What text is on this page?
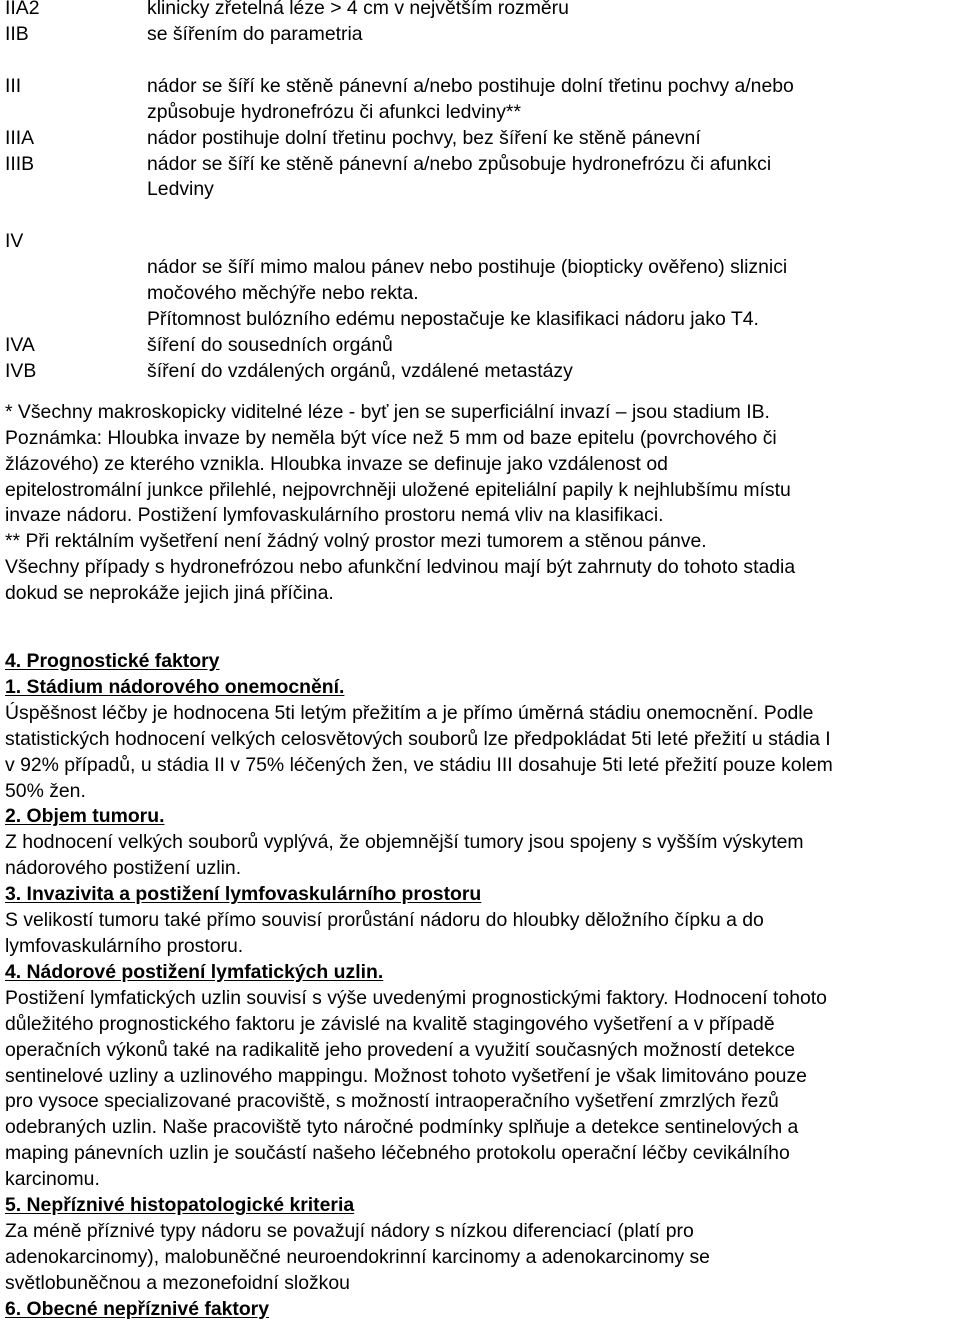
IIA2	klinicky zřetelná léze > 4 cm v největším rozměru
IIB	se šířením do parametria
III	nádor se šíří ke stěně pánevní a/nebo postihuje dolní třetinu pochvy a/nebo
způsobuje hydronefrózu či afunkci ledviny**
IIIA	nádor postihuje dolní třetinu pochvy, bez šíření ke stěně pánevní
IIIB	nádor se šíří ke stěně pánevní a/nebo způsobuje hydronefrózu či afunkci
Ledviny
IV
nádor se šíří mimo malou pánev nebo postihuje (biopticky ověřeno) sliznici
močového měchýře nebo rekta.
Přítomnost bulózního edému nepostačuje ke klasifikaci nádoru jako T4.
IVA	šíření do sousedních orgánů
IVB	šíření do vzdálených orgánů, vzdálené metastázy
* Všechny makroskopicky viditelné léze - byť jen se superficiální invazí – jsou stadium IB.
Poznámka: Hloubka invaze by neměla být více než 5 mm od baze epitelu (povrchového či
žlázového) ze kterého vznikla. Hloubka invaze se definuje jako vzdálenost od
epitelostromální junkce přilehlé, nejpovrchněji uložené epiteliální papily k nejhlubšímu místu
invaze nádoru. Postižení lymfovaskulárního prostoru nemá vliv na klasifikaci.
** Při rektálním vyšetření není žádný volný prostor mezi tumorem a stěnou pánve.
Všechny případy s hydronefrózou nebo afunkční ledvinou mají být zahrnuty do tohoto stadia
dokud se neprokáže jejich jiná příčina.
4. Prognostické faktory
1. Stádium nádorového onemocnění.
Úspěšnost léčby je hodnocena 5ti letým přežitím a je přímo úměrná stádiu onemocnění. Podle
statistických hodnocení velkých celosvětových souborů lze předpokládat 5ti leté přežití u stádia I
v 92% případů, u stádia II v 75% léčených žen, ve stádiu III dosahuje 5ti leté přežití pouze kolem
50% žen.
2. Objem tumoru.
Z hodnocení velkých souborů vyplývá, že objemnější tumory jsou spojeny s vyšším výskytem
nádorového postižení uzlin.
3. Invazivita a postižení lymfovaskulárního prostoru
S velikostí tumoru také přímo souvisí prorůstání nádoru do hloubky děložního čípku a do
lymfovaskulárního prostoru.
4. Nádorové postižení lymfatických uzlin.
Postižení lymfatických uzlin souvisí s výše uvedenými prognostickými faktory. Hodnocení tohoto
důležitého prognostického faktoru je závislé na kvalitě stagingového vyšetření a v případě
operačních výkonů také na radikalitě jeho provedení a využití současných možností detekce
sentinelové uzliny a uzlinového mappingu. Možnost tohoto vyšetření je však limitováno pouze
pro vysoce specializované pracoviště, s možností intraoperačního vyšetření zmrzlých řezů
odebraných uzlin. Naše pracoviště tyto náročné podmínky splňuje a detekce sentinelových a
maping pánevních uzlin je součástí našeho léčebného protokolu operační léčby cevikálního
karcinomu.
5. Nepříznivé histopatologické kriteria
Za méně příznivé typy nádoru se považují nádory s nízkou diferenciací (platí pro
adenokarcinomy), malobuněčné neuroendokrinní karcinomy a adenokarcinomy se
světlobuněčnou a mezonefoidní složkou
6. Obecné nepříznivé faktory
